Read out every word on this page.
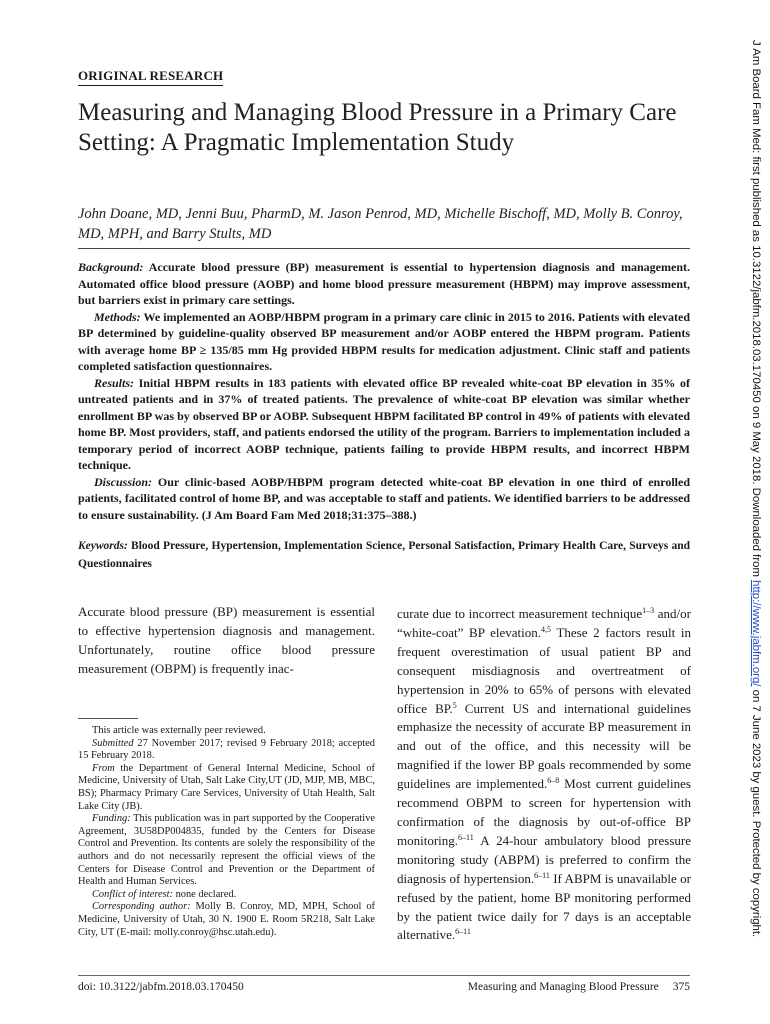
ORIGINAL RESEARCH
Measuring and Managing Blood Pressure in a Primary Care Setting: A Pragmatic Implementation Study
John Doane, MD, Jenni Buu, PharmD, M. Jason Penrod, MD, Michelle Bischoff, MD, Molly B. Conroy, MD, MPH, and Barry Stults, MD

Background: Accurate blood pressure (BP) measurement is essential to hypertension diagnosis and management. Automated office blood pressure (AOBP) and home blood pressure measurement (HBPM) may improve assessment, but barriers exist in primary care settings.

Methods: We implemented an AOBP/HBPM program in a primary care clinic in 2015 to 2016. Patients with elevated BP determined by guideline-quality observed BP measurement and/or AOBP entered the HBPM program. Patients with average home BP ≥ 135/85 mm Hg provided HBPM results for medication adjustment. Clinic staff and patients completed satisfaction questionnaires.

Results: Initial HBPM results in 183 patients with elevated office BP revealed white-coat BP elevation in 35% of untreated patients and in 37% of treated patients. The prevalence of white-coat BP elevation was similar whether enrollment BP was by observed BP or AOBP. Subsequent HBPM facilitated BP control in 49% of patients with elevated home BP. Most providers, staff, and patients endorsed the utility of the program. Barriers to implementation included a temporary period of incorrect AOBP technique, patients failing to provide HBPM results, and incorrect HBPM technique.

Discussion: Our clinic-based AOBP/HBPM program detected white-coat BP elevation in one third of enrolled patients, facilitated control of home BP, and was acceptable to staff and patients. We identified barriers to be addressed to ensure sustainability. (J Am Board Fam Med 2018;31:375–388.)

Keywords: Blood Pressure, Hypertension, Implementation Science, Personal Satisfaction, Primary Health Care, Surveys and Questionnaires
Accurate blood pressure (BP) measurement is essential to effective hypertension diagnosis and management. Unfortunately, routine office blood pressure measurement (OBPM) is frequently inac-
curate due to incorrect measurement technique$^{1-3}$ and/or “white-coat” BP elevation.$^{4,5}$ These 2 factors result in frequent overestimation of usual patient BP and consequent misdiagnosis and overtreatment of hypertension in 20% to 65% of persons with elevated office BP.$^5$ Current US and international guidelines emphasize the necessity of accurate BP measurement in and out of the office, and this necessity will be magnified if the lower BP goals recommended by some guidelines are implemented.$^{6-8}$ Most current guidelines recommend OBPM to screen for hypertension with confirmation of the diagnosis by out-of-office BP monitoring.$^{6-11}$ A 24-hour ambulatory blood pressure monitoring study (ABPM) is preferred to confirm the diagnosis of hypertension.$^{6-11}$ If ABPM is unavailable or refused by the patient, home BP monitoring performed by the patient twice daily for 7 days is an acceptable alternative.$^{6-11}$

This article was externally peer reviewed.

Submitted 27 November 2017; revised 9 February 2018; accepted 15 February 2018.

From the Department of General Internal Medicine, School of Medicine, University of Utah, Salt Lake City,UT (JD, MJP, MB, MBC, BS); Pharmacy Primary Care Services, University of Utah Health, Salt Lake City (JB).

Funding: This publication was in part supported by the Cooperative Agreement, 3U58DP004835, funded by the Centers for Disease Control and Prevention. Its contents are solely the responsibility of the authors and do not necessarily represent the official views of the Centers for Disease Control and Prevention or the Department of Health and Human Services.

Conflict of interest: none declared.

Corresponding author: Molly B. Conroy, MD, MPH, School of Medicine, University of Utah, 30 N. 1900 E. Room 5R218, Salt Lake City, UT (E-mail: molly.conroy@hsc.utah.edu).

doi: 10.3122/jabfm.2018.03.170450	Measuring and Managing Blood Pressure 375
J Am Board Fam Med: first published as 10.3122/jabfm.2018.03.170450 on 9 May 2018. Downloaded from http://www.jabfm.org/ on 7 June 2023 by guest. Protected by copyright.
